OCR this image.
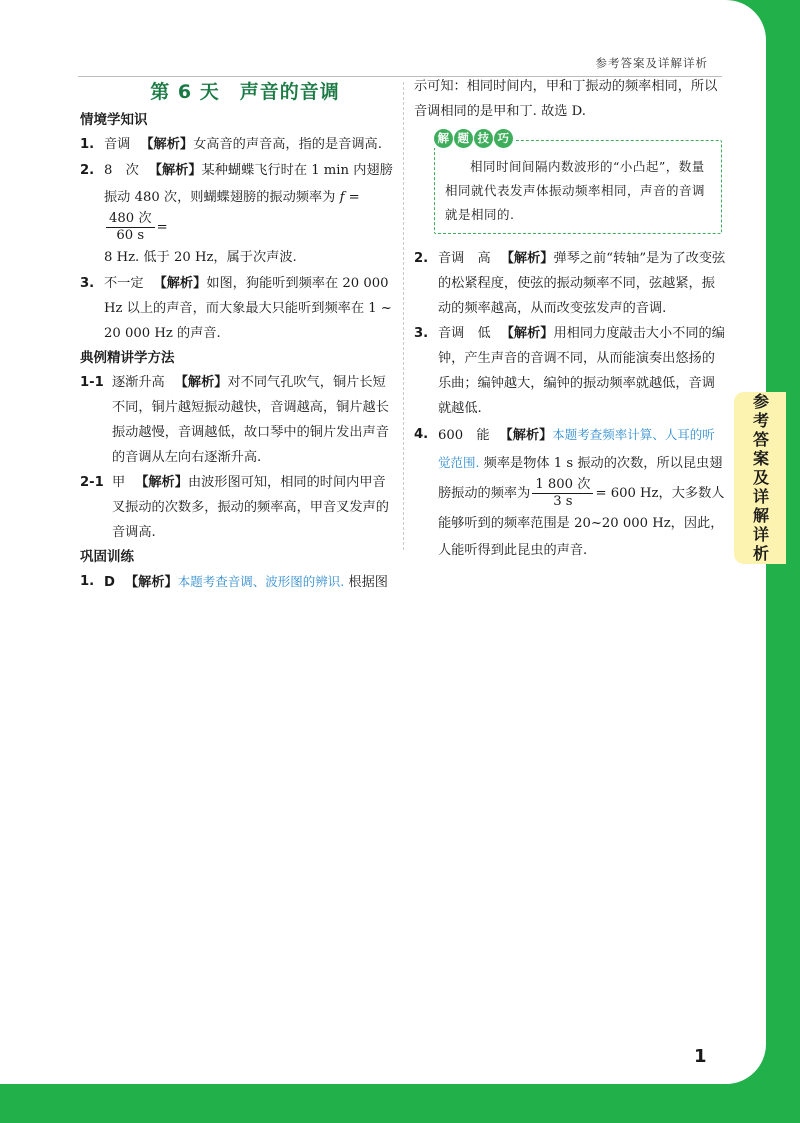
参考答案及详解详析
第 6 天　声音的音调
情境学知识
1. 音调 【解析】女高音的声音高，指的是音调高.
2. 8　次 【解析】某种蝴蝶飞行时在 1 min 内翅膀振动 480 次，则蝴蝶翅膀的振动频率为 f =
$\frac{\text{480 次}}{60 s}$ =
8 Hz. 低于 20 Hz，属于次声波.
3. 不一定 【解析】如图，狗能听到频率在 20 000 Hz 以上的声音，而大象最大只能听到频率在 1 ~ 20 000 Hz 的声音.
典例精讲学方法
1-1 逐渐升高 【解析】对不同气孔吹气，铜片长短不同，铜片越短振动越快，音调越高，铜片越长振动越慢，音调越低，故口琴中的铜片发出声音的音调从左向右逐渐升高.
2-1 甲 【解析】由波形图可知，相同的时间内甲音叉振动的次数多，振动的频率高，甲音叉发声的音调高.
巩固训练
1. D 【解析】本题考查音调、波形图的辨识. 根据图

示可知：相同时间内，甲和丁振动的频率相同，所以音调相同的是甲和丁. 故选 D.

解 题 技 巧

相同时间间隔内数波形的“小凸起”，数量相同就代表发声体振动频率相同，声音的音调就是相同的.

2. 音调　高 【解析】弹琴之前“转轴”是为了改变弦的松紧程度，使弦的振动频率不同，弦越紧，振动的频率越高，从而改变弦发声的音调.
3. 音调　低 【解析】用相同力度敲击大小不同的编钟，产生声音的音调不同，从而能演奏出悠扬的乐曲；编钟越大，编钟的振动频率就越低，音调就越低.
4. 600　能 【解析】本题考查频率计算、人耳的听觉范围. 频率是物体 1 s 振动的次数，所以昆虫翅膀振动的频率为 $\frac{\text{1 800 次}}{3 s} = 600$ Hz，大多数人能够听到的频率范围是 20~20 000 Hz，因此，人能听得到此昆虫的声音.
1
参考答案及详解详析
